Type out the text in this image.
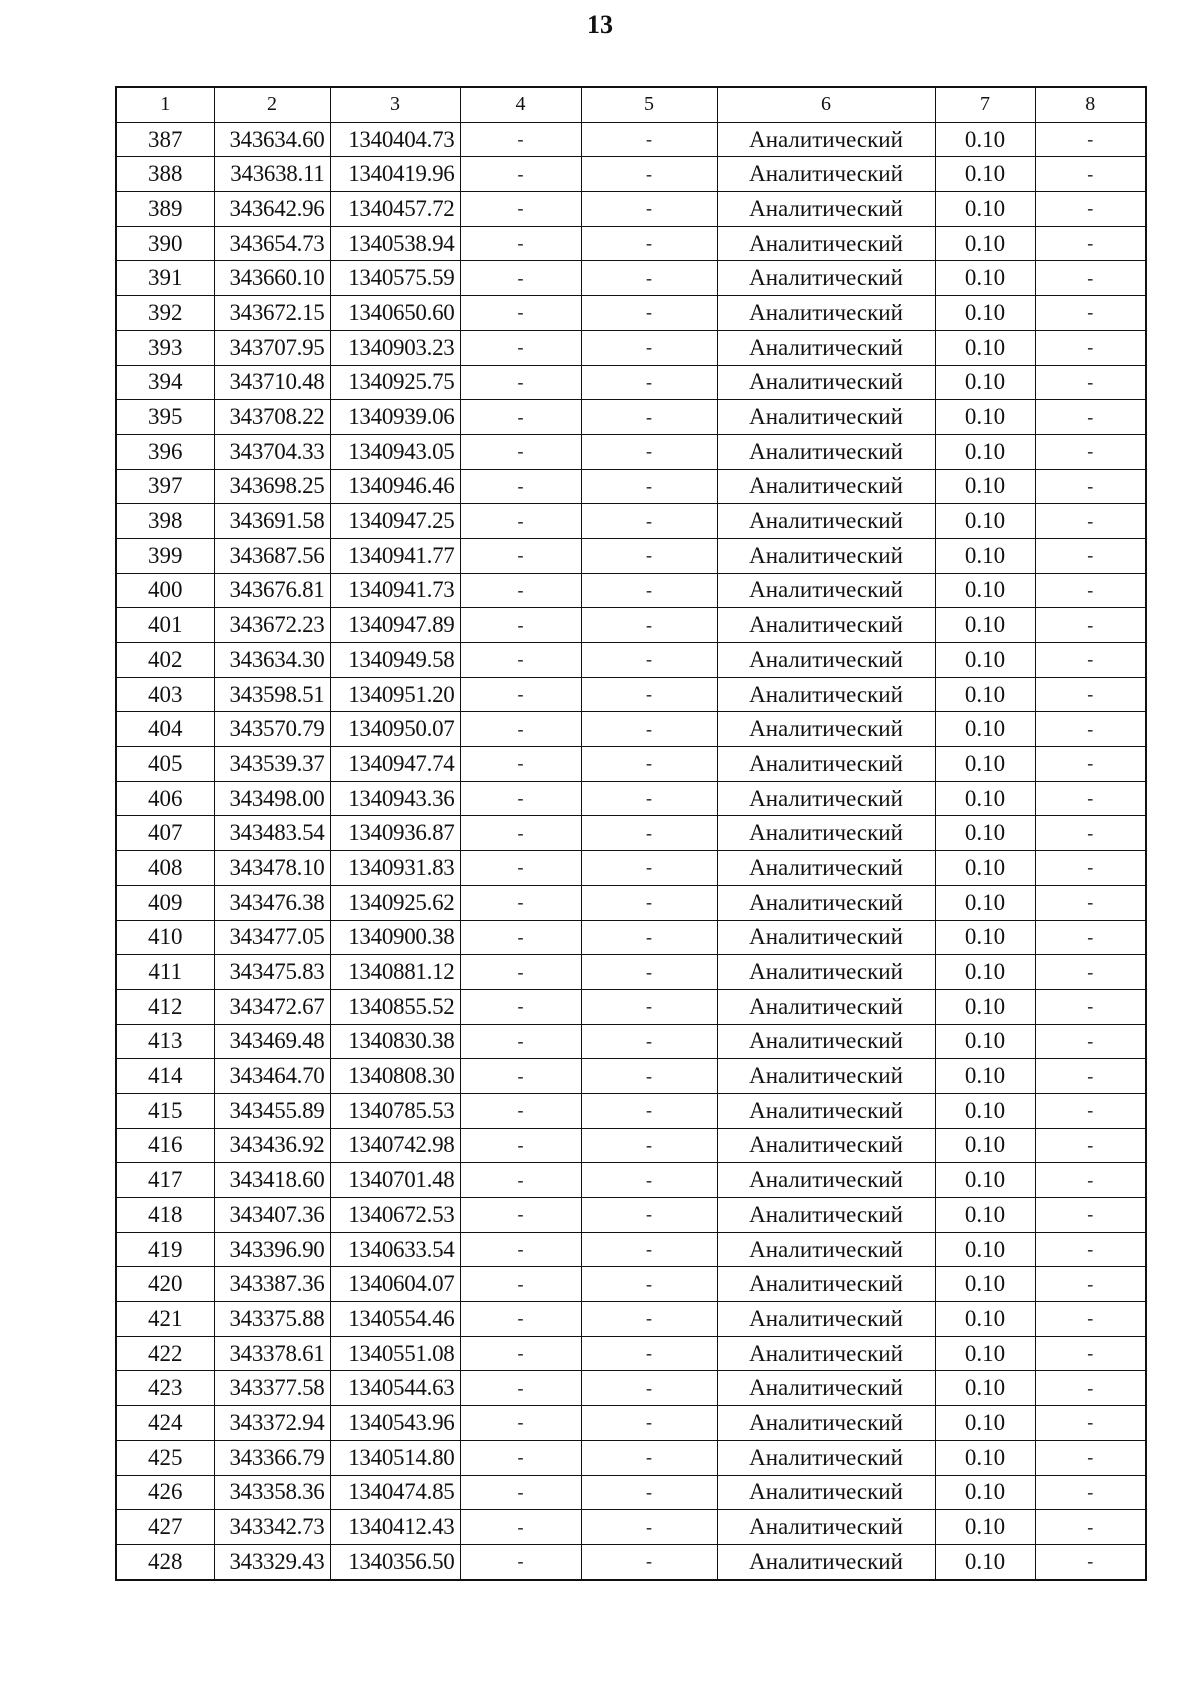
13
1	2	3	4	5	6	7	8
387	343634.60	1340404.73	-	-	Аналитический	0.10	-
388	343638.11	1340419.96	-	-	Аналитический	0.10	-
389	343642.96	1340457.72	-	-	Аналитический	0.10	-
390	343654.73	1340538.94	-	-	Аналитический	0.10	-
391	343660.10	1340575.59	-	-	Аналитический	0.10	-
392	343672.15	1340650.60	-	-	Аналитический	0.10	-
393	343707.95	1340903.23	-	-	Аналитический	0.10	-
394	343710.48	1340925.75	-	-	Аналитический	0.10	-
395	343708.22	1340939.06	-	-	Аналитический	0.10	-
396	343704.33	1340943.05	-	-	Аналитический	0.10	-
397	343698.25	1340946.46	-	-	Аналитический	0.10	-
398	343691.58	1340947.25	-	-	Аналитический	0.10	-
399	343687.56	1340941.77	-	-	Аналитический	0.10	-
400	343676.81	1340941.73	-	-	Аналитический	0.10	-
401	343672.23	1340947.89	-	-	Аналитический	0.10	-
402	343634.30	1340949.58	-	-	Аналитический	0.10	-
403	343598.51	1340951.20	-	-	Аналитический	0.10	-
404	343570.79	1340950.07	-	-	Аналитический	0.10	-
405	343539.37	1340947.74	-	-	Аналитический	0.10	-
406	343498.00	1340943.36	-	-	Аналитический	0.10	-
407	343483.54	1340936.87	-	-	Аналитический	0.10	-
408	343478.10	1340931.83	-	-	Аналитический	0.10	-
409	343476.38	1340925.62	-	-	Аналитический	0.10	-
410	343477.05	1340900.38	-	-	Аналитический	0.10	-
411	343475.83	1340881.12	-	-	Аналитический	0.10	-
412	343472.67	1340855.52	-	-	Аналитический	0.10	-
413	343469.48	1340830.38	-	-	Аналитический	0.10	-
414	343464.70	1340808.30	-	-	Аналитический	0.10	-
415	343455.89	1340785.53	-	-	Аналитический	0.10	-
416	343436.92	1340742.98	-	-	Аналитический	0.10	-
417	343418.60	1340701.48	-	-	Аналитический	0.10	-
418	343407.36	1340672.53	-	-	Аналитический	0.10	-
419	343396.90	1340633.54	-	-	Аналитический	0.10	-
420	343387.36	1340604.07	-	-	Аналитический	0.10	-
421	343375.88	1340554.46	-	-	Аналитический	0.10	-
422	343378.61	1340551.08	-	-	Аналитический	0.10	-
423	343377.58	1340544.63	-	-	Аналитический	0.10	-
424	343372.94	1340543.96	-	-	Аналитический	0.10	-
425	343366.79	1340514.80	-	-	Аналитический	0.10	-
426	343358.36	1340474.85	-	-	Аналитический	0.10	-
427	343342.73	1340412.43	-	-	Аналитический	0.10	-
428	343329.43	1340356.50	-	-	Аналитический	0.10	-
